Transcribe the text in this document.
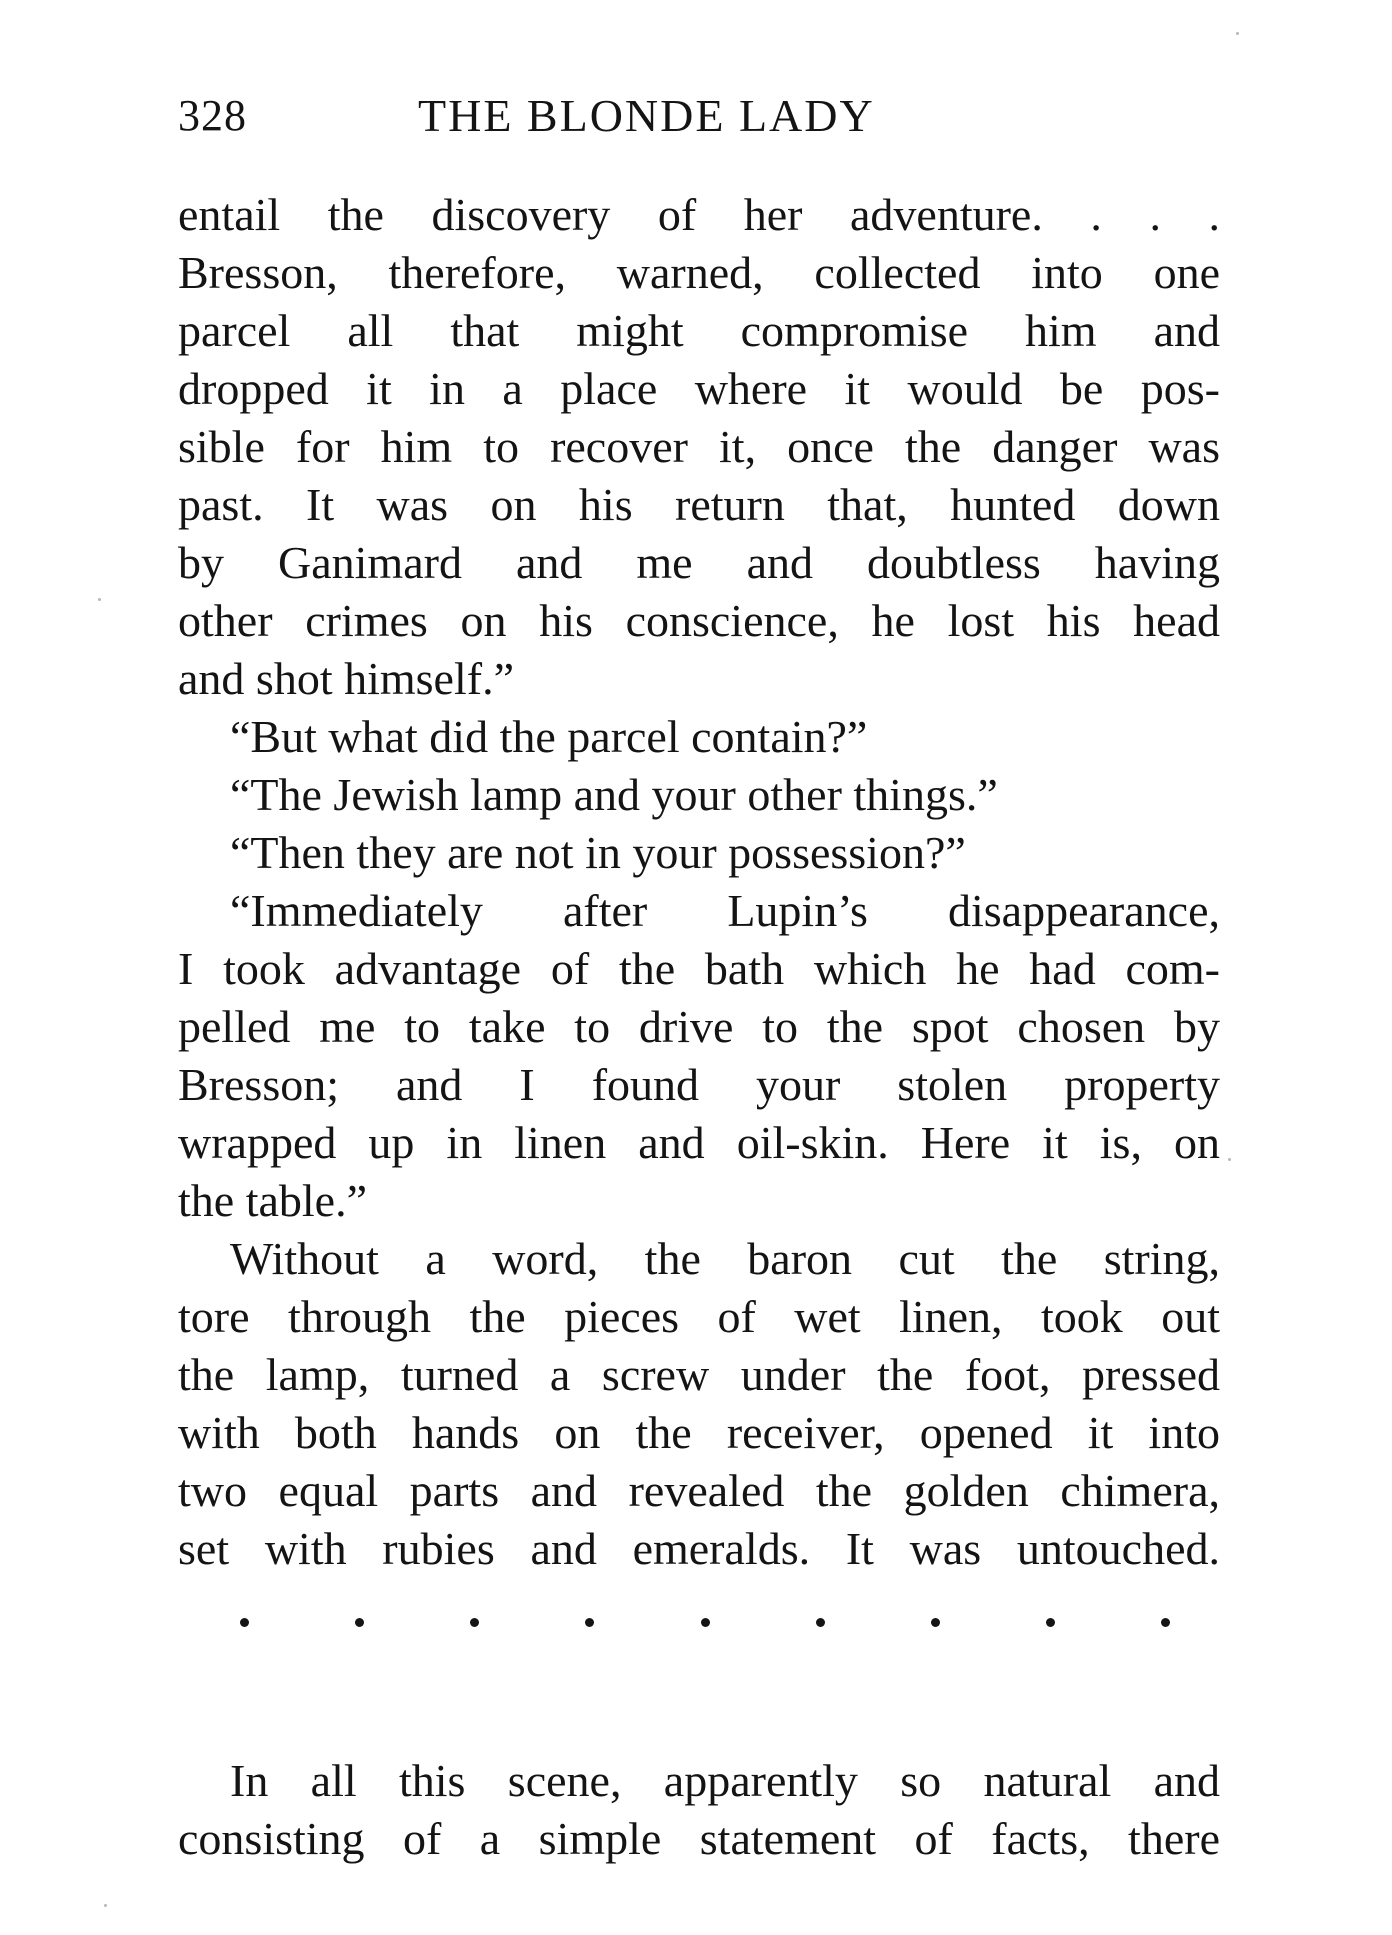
328	THE BLONDE LADY
entail the discovery of her adventure. . . .
Bresson, therefore, warned, collected into one
parcel all that might compromise him and
dropped it in a place where it would be pos-
sible for him to recover it, once the danger was
past. It was on his return that, hunted down
by Ganimard and me and doubtless having
other crimes on his conscience, he lost his head
and shot himself.”
“But what did the parcel contain?”
“The Jewish lamp and your other things.”
“Then they are not in your possession?”
“Immediately after Lupin’s disappearance,
I took advantage of the bath which he had com-
pelled me to take to drive to the spot chosen by
Bresson; and I found your stolen property
wrapped up in linen and oil-skin. Here it is, on
the table.”
Without a word, the baron cut the string,
tore through the pieces of wet linen, took out
the lamp, turned a screw under the foot, pressed
with both hands on the receiver, opened it into
two equal parts and revealed the golden chimera,
set with rubies and emeralds. It was untouched.
In all this scene, apparently so natural and
consisting of a simple statement of facts, there
